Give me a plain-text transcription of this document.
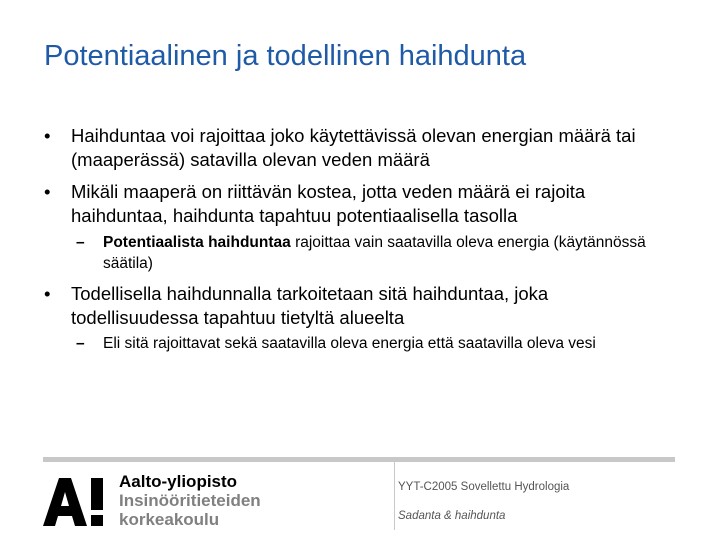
Potentiaalinen ja todellinen haihdunta
• Haihduntaa voi rajoittaa joko käytettävissä olevan energian määrä tai (maaperässä) satavilla olevan veden määrä
• Mikäli maaperä on riittävän kostea, jotta veden määrä ei rajoita haihduntaa, haihdunta tapahtuu potentiaalisella tasolla
– Potentiaalista haihduntaa rajoittaa vain saatavilla oleva energia (käytännössä säätila)
• Todellisella haihdunnalla tarkoitetaan sitä haihduntaa, joka todellisuudessa tapahtuu tietyltä alueelta
– Eli sitä rajoittavat sekä saatavilla oleva energia että saatavilla oleva vesi
Aalto-yliopisto
Insinööritieteiden
korkeakoulu
YYT-C2005 Sovellettu Hydrologia
Sadanta & haihdunta
